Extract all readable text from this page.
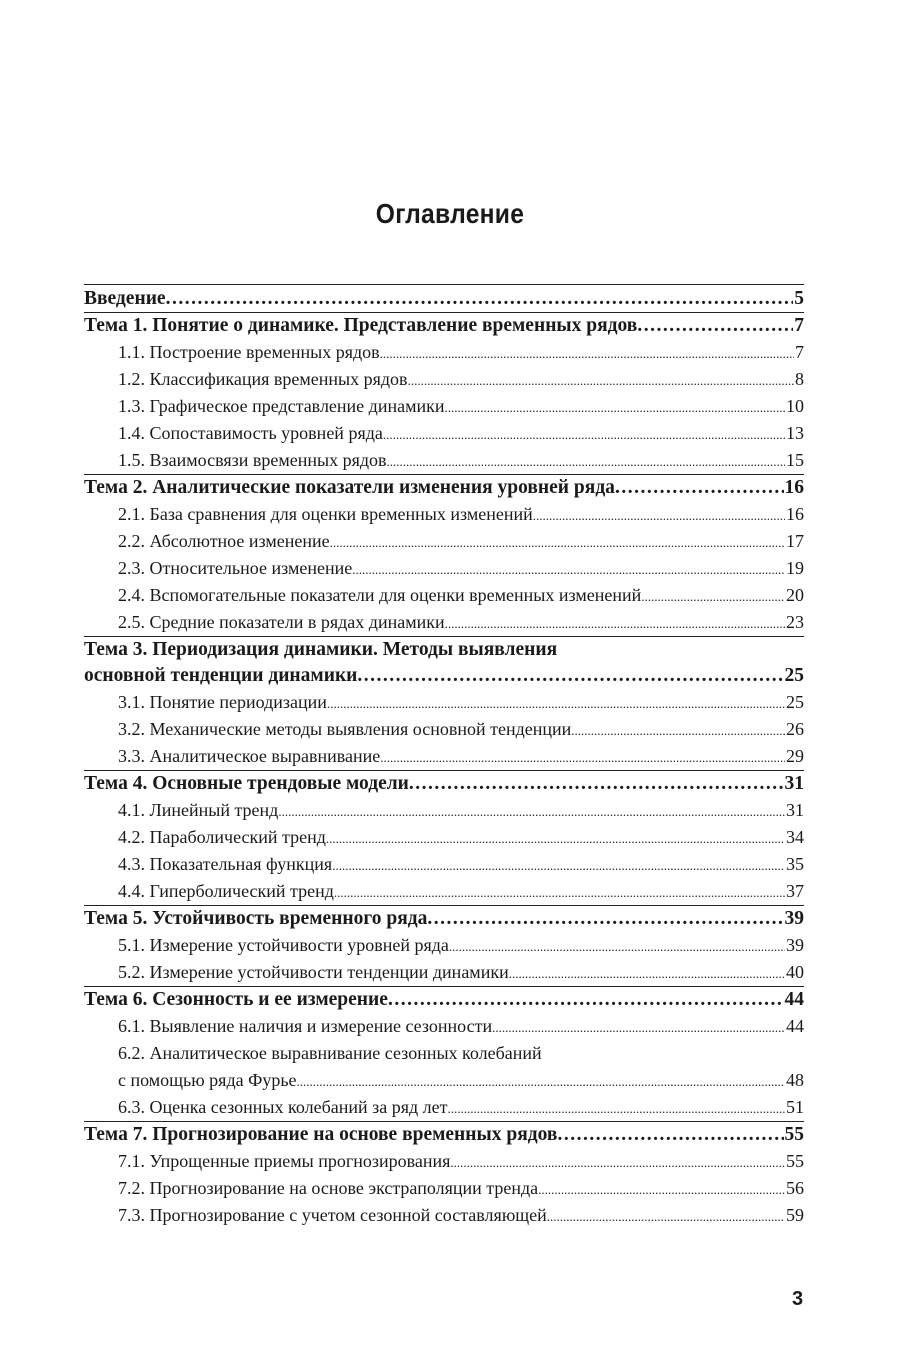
Оглавление
Введение .....	5
Тема 1. Понятие о динамике. Представление временных рядов .....	7
1.1. Построение временных рядов .....	7
1.2. Классификация временных рядов .....	8
1.3. Графическое представление динамики .....	10
1.4. Сопоставимость уровней ряда .....	13
1.5. Взаимосвязи временных рядов .....	15
Тема 2. Аналитические показатели изменения уровней ряда .....	16
2.1. База сравнения для оценки временных изменений .....	16
2.2. Абсолютное изменение .....	17
2.3. Относительное изменение .....	19
2.4. Вспомогательные показатели для оценки временных изменений .....	20
2.5. Средние показатели в рядах динамики .....	23
Тема 3. Периодизация динамики. Методы выявления
основной тенденции динамики .....	25
3.1. Понятие периодизации .....	25
3.2. Механические методы выявления основной тенденции .....	26
3.3. Аналитическое выравнивание .....	29
Тема 4. Основные трендовые модели .....	31
4.1. Линейный тренд .....	31
4.2. Параболический тренд .....	34
4.3. Показательная функция .....	35
4.4. Гиперболический тренд .....	37
Тема 5. Устойчивость временного ряда .....	39
5.1. Измерение устойчивости уровней ряда .....	39
5.2. Измерение устойчивости тенденции динамики .....	40
Тема 6. Сезонность и ее измерение .....	44
6.1. Выявление наличия и измерение сезонности .....	44
6.2. Аналитическое выравнивание сезонных колебаний
с помощью ряда Фурье .....	48
6.3. Оценка сезонных колебаний за ряд лет .....	51
Тема 7. Прогнозирование на основе временных рядов .....	55
7.1. Упрощенные приемы прогнозирования .....	55
7.2. Прогнозирование на основе экстраполяции тренда .....	56
7.3. Прогнозирование с учетом сезонной составляющей .....	59
3
